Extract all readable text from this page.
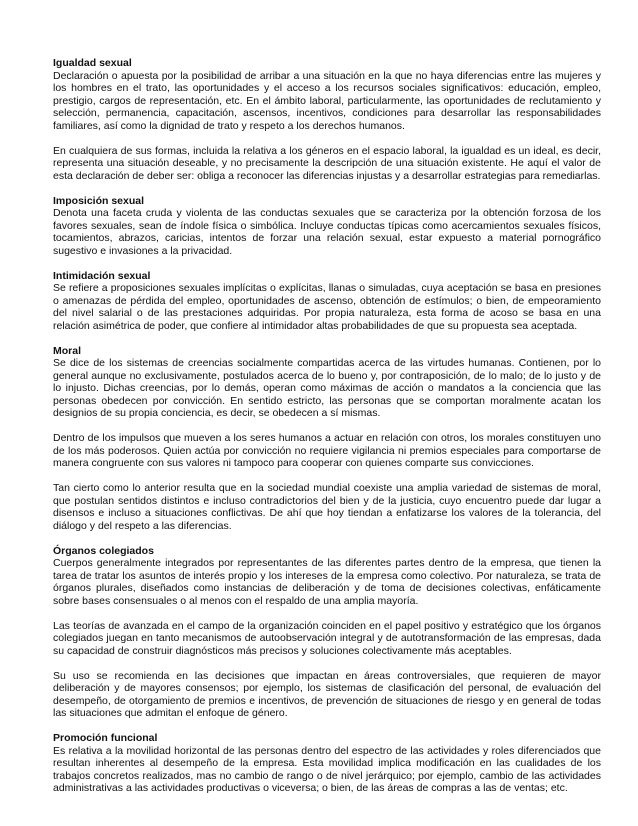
Igualdad sexual

Declaración o apuesta por la posibilidad de arribar a una situación en la que no haya diferencias entre las mujeres y los hombres en el trato, las oportunidades y el acceso a los recursos sociales significativos: educación, empleo, prestigio, cargos de representación, etc. En el ámbito laboral, particularmente, las oportunidades de reclutamiento y selección, permanencia, capacitación, ascensos, incentivos, condiciones para desarrollar las responsabilidades familiares, así como la dignidad de trato y respeto a los derechos humanos.

En cualquiera de sus formas, incluida la relativa a los géneros en el espacio laboral, la igualdad es un ideal, es decir, representa una situación deseable, y no precisamente la descripción de una situación existente. He aquí el valor de esta declaración de deber ser: obliga a reconocer las diferencias injustas y a desarrollar estrategias para remediarlas.

Imposición sexual

Denota una faceta cruda y violenta de las conductas sexuales que se caracteriza por la obtención forzosa de los favores sexuales, sean de índole física o simbólica. Incluye conductas típicas como acercamientos sexuales físicos, tocamientos, abrazos, caricias, intentos de forzar una relación sexual, estar expuesto a material pornográfico sugestivo e invasiones a la privacidad.

Intimidación sexual

Se refiere a proposiciones sexuales implícitas o explícitas, llanas o simuladas, cuya aceptación se basa en presiones o amenazas de pérdida del empleo, oportunidades de ascenso, obtención de estímulos; o bien, de empeoramiento del nivel salarial o de las prestaciones adquiridas. Por propia naturaleza, esta forma de acoso se basa en una relación asimétrica de poder, que confiere al intimidador altas probabilidades de que su propuesta sea aceptada.

Moral

Se dice de los sistemas de creencias socialmente compartidas acerca de las virtudes humanas. Contienen, por lo general aunque no exclusivamente, postulados acerca de lo bueno y, por contraposición, de lo malo; de lo justo y de lo injusto. Dichas creencias, por lo demás, operan como máximas de acción o mandatos a la conciencia que las personas obedecen por convicción. En sentido estricto, las personas que se comportan moralmente acatan los designios de su propia conciencia, es decir, se obedecen a sí mismas.

Dentro de los impulsos que mueven a los seres humanos a actuar en relación con otros, los morales constituyen uno de los más poderosos. Quien actúa por convicción no requiere vigilancia ni premios especiales para comportarse de manera congruente con sus valores ni tampoco para cooperar con quienes comparte sus convicciones.

Tan cierto como lo anterior resulta que en la sociedad mundial coexiste una amplia variedad de sistemas de moral, que postulan sentidos distintos e incluso contradictorios del bien y de la justicia, cuyo encuentro puede dar lugar a disensos e incluso a situaciones conflictivas. De ahí que hoy tiendan a enfatizarse los valores de la tolerancia, del diálogo y del respeto a las diferencias.

Órganos colegiados

Cuerpos generalmente integrados por representantes de las diferentes partes dentro de la empresa, que tienen la tarea de tratar los asuntos de interés propio y los intereses de la empresa como colectivo. Por naturaleza, se trata de órganos plurales, diseñados como instancias de deliberación y de toma de decisiones colectivas, enfáticamente sobre bases consensuales o al menos con el respaldo de una amplia mayoría.

Las teorías de avanzada en el campo de la organización coinciden en el papel positivo y estratégico que los órganos colegiados juegan en tanto mecanismos de autoobservación integral y de autotransformación de las empresas, dada su capacidad de construir diagnósticos más precisos y soluciones colectivamente más aceptables.

Su uso se recomienda en las decisiones que impactan en áreas controversiales, que requieren de mayor deliberación y de mayores consensos; por ejemplo, los sistemas de clasificación del personal, de evaluación del desempeño, de otorgamiento de premios e incentivos, de prevención de situaciones de riesgo y en general de todas las situaciones que admitan el enfoque de género.

Promoción funcional

Es relativa a la movilidad horizontal de las personas dentro del espectro de las actividades y roles diferenciados que resultan inherentes al desempeño de la empresa. Esta movilidad implica modificación en las cualidades de los trabajos concretos realizados, mas no cambio de rango o de nivel jerárquico; por ejemplo, cambio de las actividades administrativas a las actividades productivas o viceversa; o bien, de las áreas de compras a las de ventas; etc.
